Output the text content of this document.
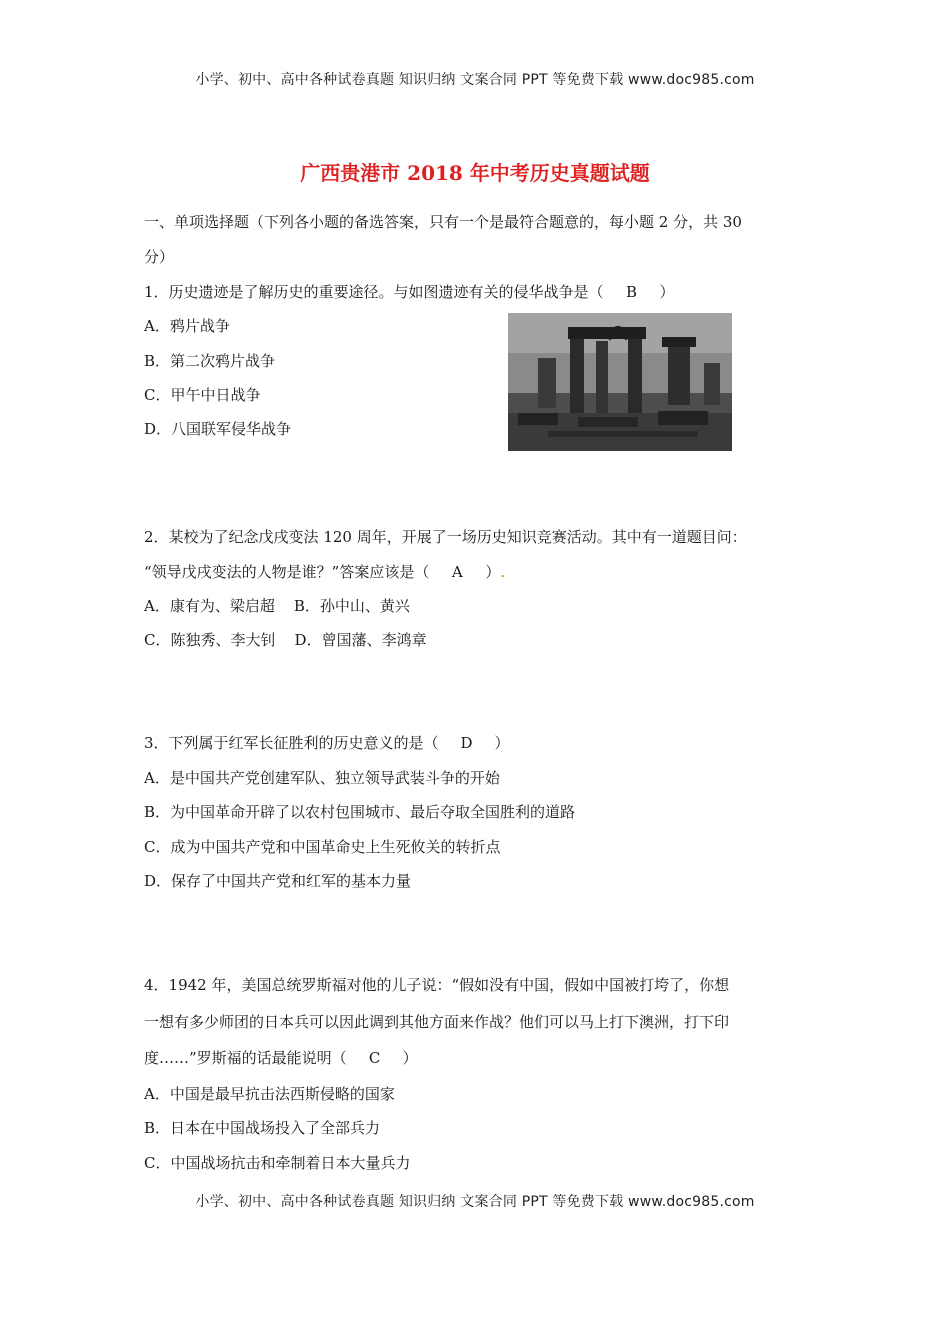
小学、初中、高中各种试卷真题 知识归纳 文案合同 PPT 等免费下载 www.doc985.com
广西贵港市 2018 年中考历史真题试题
一、单项选择题（下列各小题的备选答案，只有一个是最符合题意的，每小题 2 分，共 30
分）
1．历史遗迹是了解历史的重要途径。与如图遗迹有关的侵华战争是（ B ）
A．鸦片战争
B．第二次鸦片战争
C．甲午中日战争
D．八国联军侵华战争
2．某校为了纪念戊戌变法 120 周年，开展了一场历史知识竞赛活动。其中有一道题目问：
“领导戊戌变法的人物是谁？”答案应该是（ A ）.
A．康有为、梁启超    B．孙中山、黄兴
C．陈独秀、李大钊    D．曾国藩、李鸿章
3．下列属于红军长征胜利的历史意义的是（ D ）
A．是中国共产党创建军队、独立领导武装斗争的开始
B．为中国革命开辟了以农村包围城市、最后夺取全国胜利的道路
C．成为中国共产党和中国革命史上生死攸关的转折点
D．保存了中国共产党和红军的基本力量
4．1942 年，美国总统罗斯福对他的儿子说：“假如没有中国，假如中国被打垮了，你想
一想有多少师团的日本兵可以因此调到其他方面来作战？他们可以马上打下澳洲，打下印
度……”罗斯福的话最能说明（ C ）
A．中国是最早抗击法西斯侵略的国家
B．日本在中国战场投入了全部兵力
C．中国战场抗击和牵制着日本大量兵力
小学、初中、高中各种试卷真题 知识归纳 文案合同 PPT 等免费下载 www.doc985.com
